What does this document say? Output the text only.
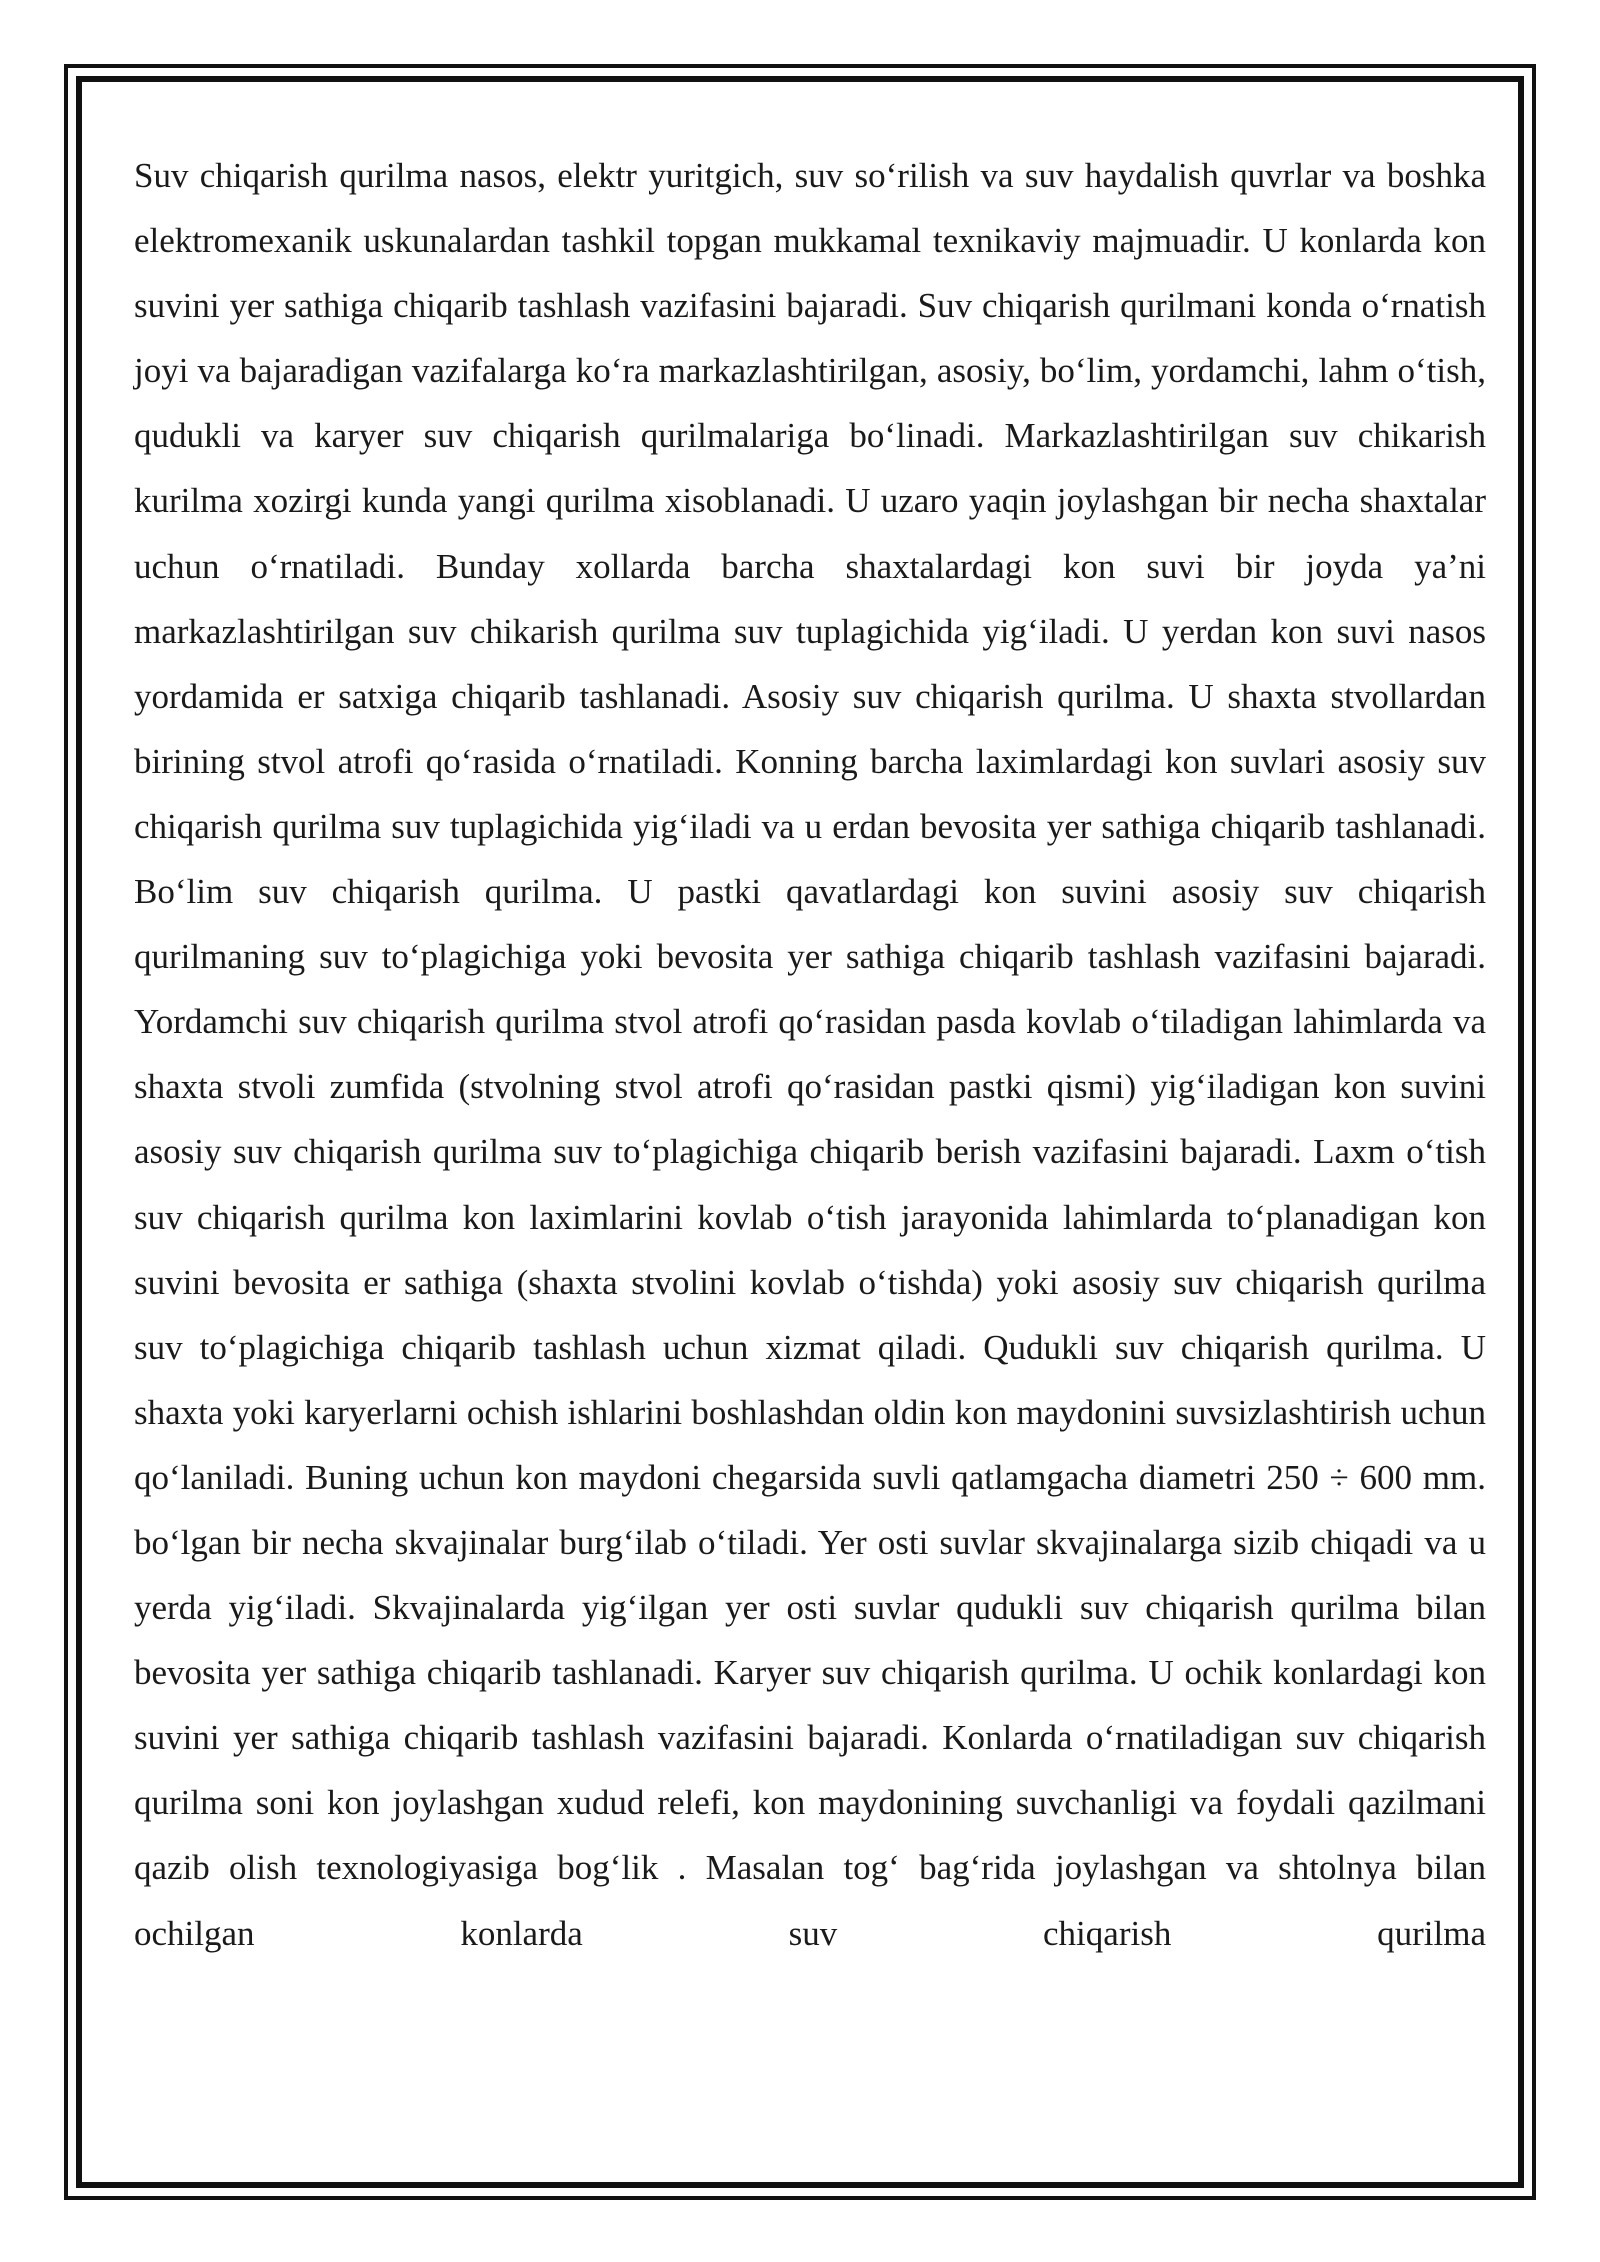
Suv chiqarish qurilma nasos, elektr yuritgich, suv so‘rilish va suv haydalish quvrlar va boshka elektromexanik uskunalardan tashkil topgan mukkamal texnikaviy majmuadir. U konlarda kon suvini yer sathiga chiqarib tashlash vazifasini bajaradi. Suv chiqarish qurilmani konda o‘rnatish joyi va bajaradigan vazifalarga ko‘ra markazlashtirilgan, asosiy, bo‘lim, yordamchi, lahm o‘tish, qudukli va karyer suv chiqarish qurilmalariga bo‘linadi. Markazlashtirilgan suv chikarish kurilma xozirgi kunda yangi qurilma xisoblanadi. U uzaro yaqin joylashgan bir necha shaxtalar uchun o‘rnatiladi. Bunday xollarda barcha shaxtalardagi kon suvi bir joyda ya’ni markazlashtirilgan suv chikarish qurilma suv tuplagichida yig‘iladi. U yerdan kon suvi nasos yordamida er satxiga chiqarib tashlanadi. Asosiy suv chiqarish qurilma. U shaxta stvollardan birining stvol atrofi qo‘rasida o‘rnatiladi. Konning barcha laximlardagi kon suvlari asosiy suv chiqarish qurilma suv tuplagichida yig‘iladi va u erdan bevosita yer sathiga chiqarib tashlanadi. Bo‘lim suv chiqarish qurilma. U pastki qavatlardagi kon suvini asosiy suv chiqarish qurilmaning suv to‘plagichiga yoki bevosita yer sathiga chiqarib tashlash vazifasini bajaradi. Yordamchi suv chiqarish qurilma stvol atrofi qo‘rasidan pasda kovlab o‘tiladigan lahimlarda va shaxta stvoli zumfida (stvolning stvol atrofi qo‘rasidan pastki qismi) yig‘iladigan kon suvini asosiy suv chiqarish qurilma suv to‘plagichiga chiqarib berish vazifasini bajaradi. Laxm o‘tish suv chiqarish qurilma kon laximlarini kovlab o‘tish jarayonida lahimlarda to‘planadigan kon suvini bevosita er sathiga (shaxta stvolini kovlab o‘tishda) yoki asosiy suv chiqarish qurilma suv to‘plagichiga chiqarib tashlash uchun xizmat qiladi. Qudukli suv chiqarish qurilma. U shaxta yoki karyerlarni ochish ishlarini boshlashdan oldin kon maydonini suvsizlashtirish uchun qo‘laniladi. Buning uchun kon maydoni chegarsida suvli qatlamgacha diametri 250 ÷ 600 mm. bo‘lgan bir necha skvajinalar burg‘ilab o‘tiladi. Yer osti suvlar skvajinalarga sizib chiqadi va u yerda yig‘iladi. Skvajinalarda yig‘ilgan yer osti suvlar qudukli suv chiqarish qurilma bilan bevosita yer sathiga chiqarib tashlanadi. Karyer suv chiqarish qurilma. U ochik konlardagi kon suvini yer sathiga chiqarib tashlash vazifasini bajaradi. Konlarda o‘rnatiladigan suv chiqarish qurilma soni kon joylashgan xudud relefi, kon maydonining suvchanligi va foydali qazilmani qazib olish texnologiyasiga bog‘lik . Masalan tog‘ bag‘rida joylashgan va shtolnya bilan ochilgan konlarda suv chiqarish qurilma
